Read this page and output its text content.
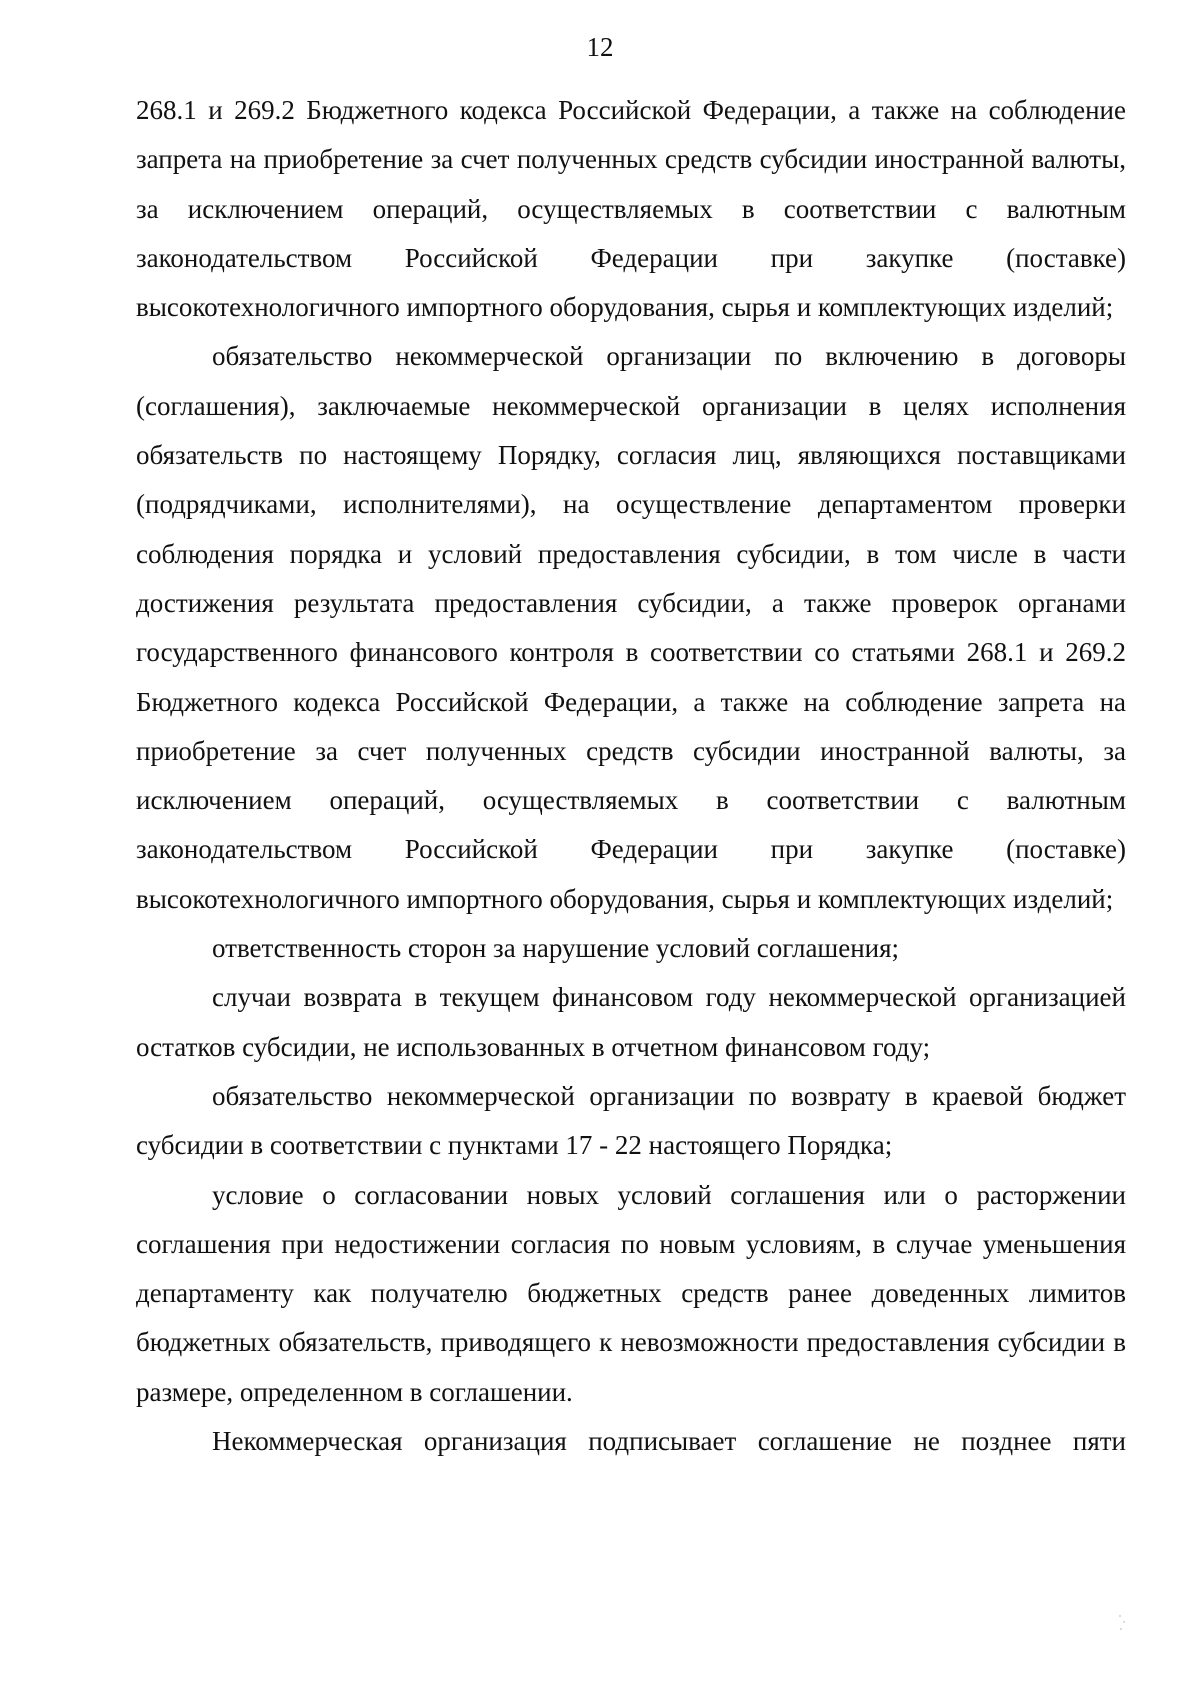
12

268.1 и 269.2 Бюджетного кодекса Российской Федерации, а также на соблюдение запрета на приобретение за счет полученных средств субсидии иностранной валюты, за исключением операций, осуществляемых в соответствии с валютным законодательством Российской Федерации при закупке (поставке) высокотехнологичного импортного оборудования, сырья и комплектующих изделий;

обязательство некоммерческой организации по включению в договоры (соглашения), заключаемые некоммерческой организации в целях исполнения обязательств по настоящему Порядку, согласия лиц, являющихся поставщиками (подрядчиками, исполнителями), на осуществление департаментом проверки соблюдения порядка и условий предоставления субсидии, в том числе в части достижения результата предоставления субсидии, а также проверок органами государственного финансового контроля в соответствии со статьями 268.1 и 269.2 Бюджетного кодекса Российской Федерации, а также на соблюдение запрета на приобретение за счет полученных средств субсидии иностранной валюты, за исключением операций, осуществляемых в соответствии с валютным законодательством Российской Федерации при закупке (поставке) высокотехнологичного импортного оборудования, сырья и комплектующих изделий;

ответственность сторон за нарушение условий соглашения;

случаи возврата в текущем финансовом году некоммерческой организацией остатков субсидии, не использованных в отчетном финансовом году;

обязательство некоммерческой организации по возврату в краевой бюджет субсидии в соответствии с пунктами 17 - 22 настоящего Порядка;

условие о согласовании новых условий соглашения или о расторжении соглашения при недостижении согласия по новым условиям, в случае уменьшения департаменту как получателю бюджетных средств ранее доведенных лимитов бюджетных обязательств, приводящего к невозможности предоставления субсидии в размере, определенном в соглашении.

Некоммерческая организация подписывает соглашение не позднее пяти
